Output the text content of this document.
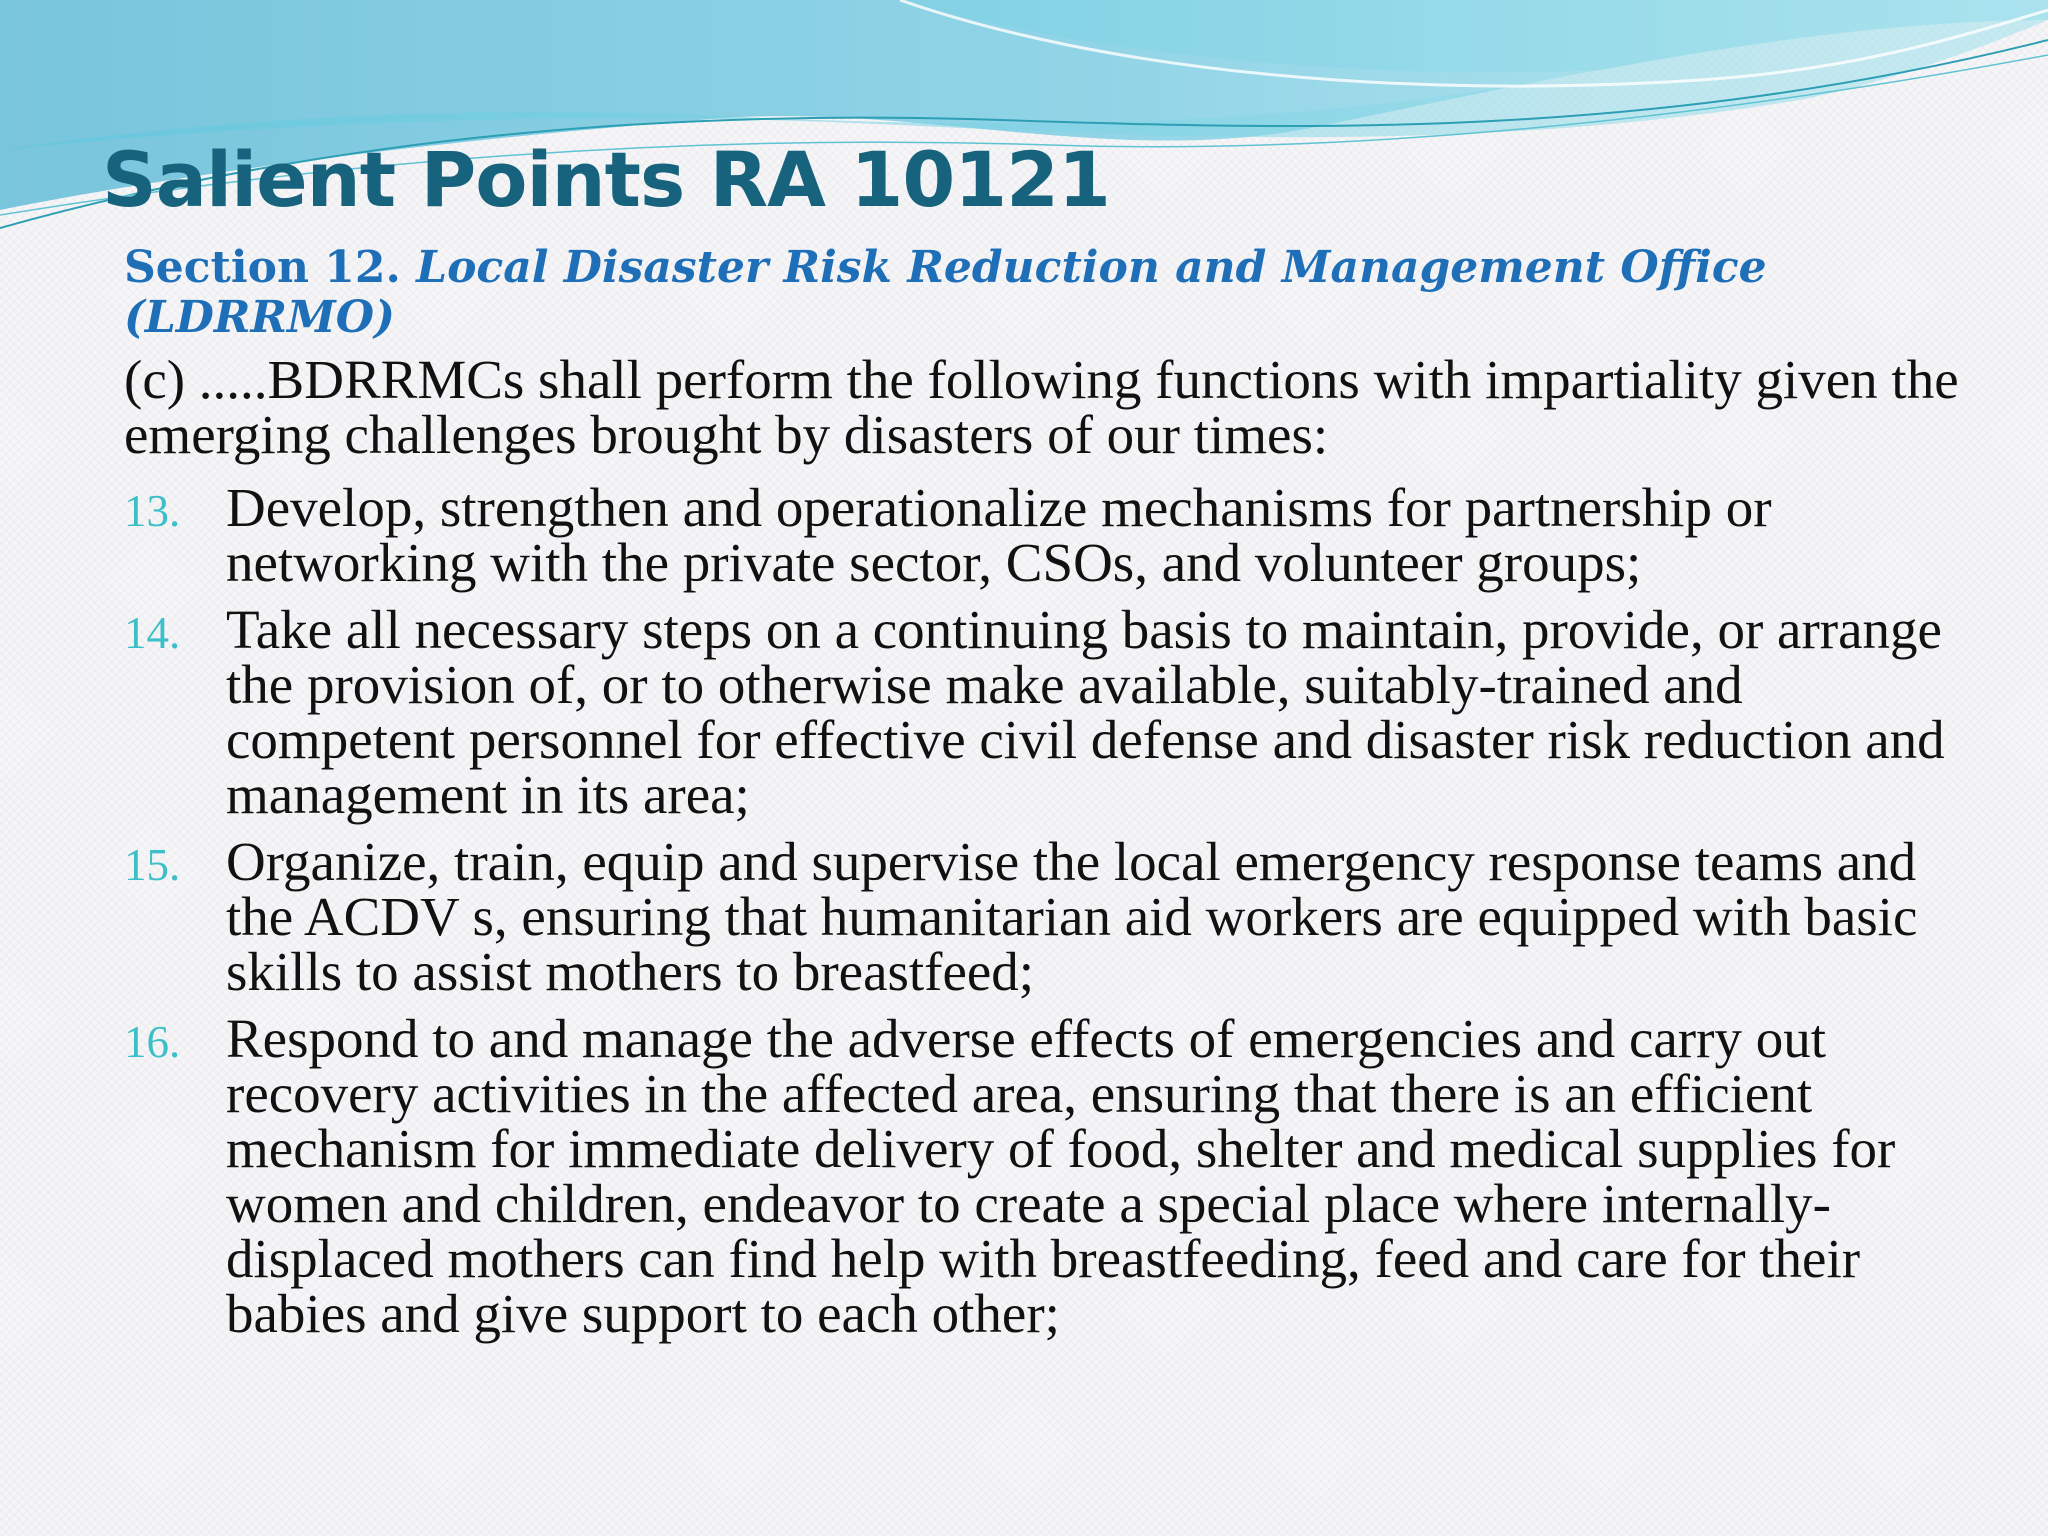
Salient Points RA 10121
Section 12. Local Disaster Risk Reduction and Management Office (LDRRMO)
(c) .....BDRRMCs shall perform the following functions with impartiality given the emerging challenges brought by disasters of our times:
13. Develop, strengthen and operationalize mechanisms for partnership or networking with the private sector, CSOs, and volunteer groups;
14. Take all necessary steps on a continuing basis to maintain, provide, or arrange the provision of, or to otherwise make available, suitably-trained and competent personnel for effective civil defense and disaster risk reduction and management in its area;
15. Organize, train, equip and supervise the local emergency response teams and the ACDV s, ensuring that humanitarian aid workers are equipped with basic skills to assist mothers to breastfeed;
16. Respond to and manage the adverse effects of emergencies and carry out recovery activities in the affected area, ensuring that there is an efficient mechanism for immediate delivery of food, shelter and medical supplies for women and children, endeavor to create a special place where internally-displaced mothers can find help with breastfeeding, feed and care for their babies and give support to each other;
